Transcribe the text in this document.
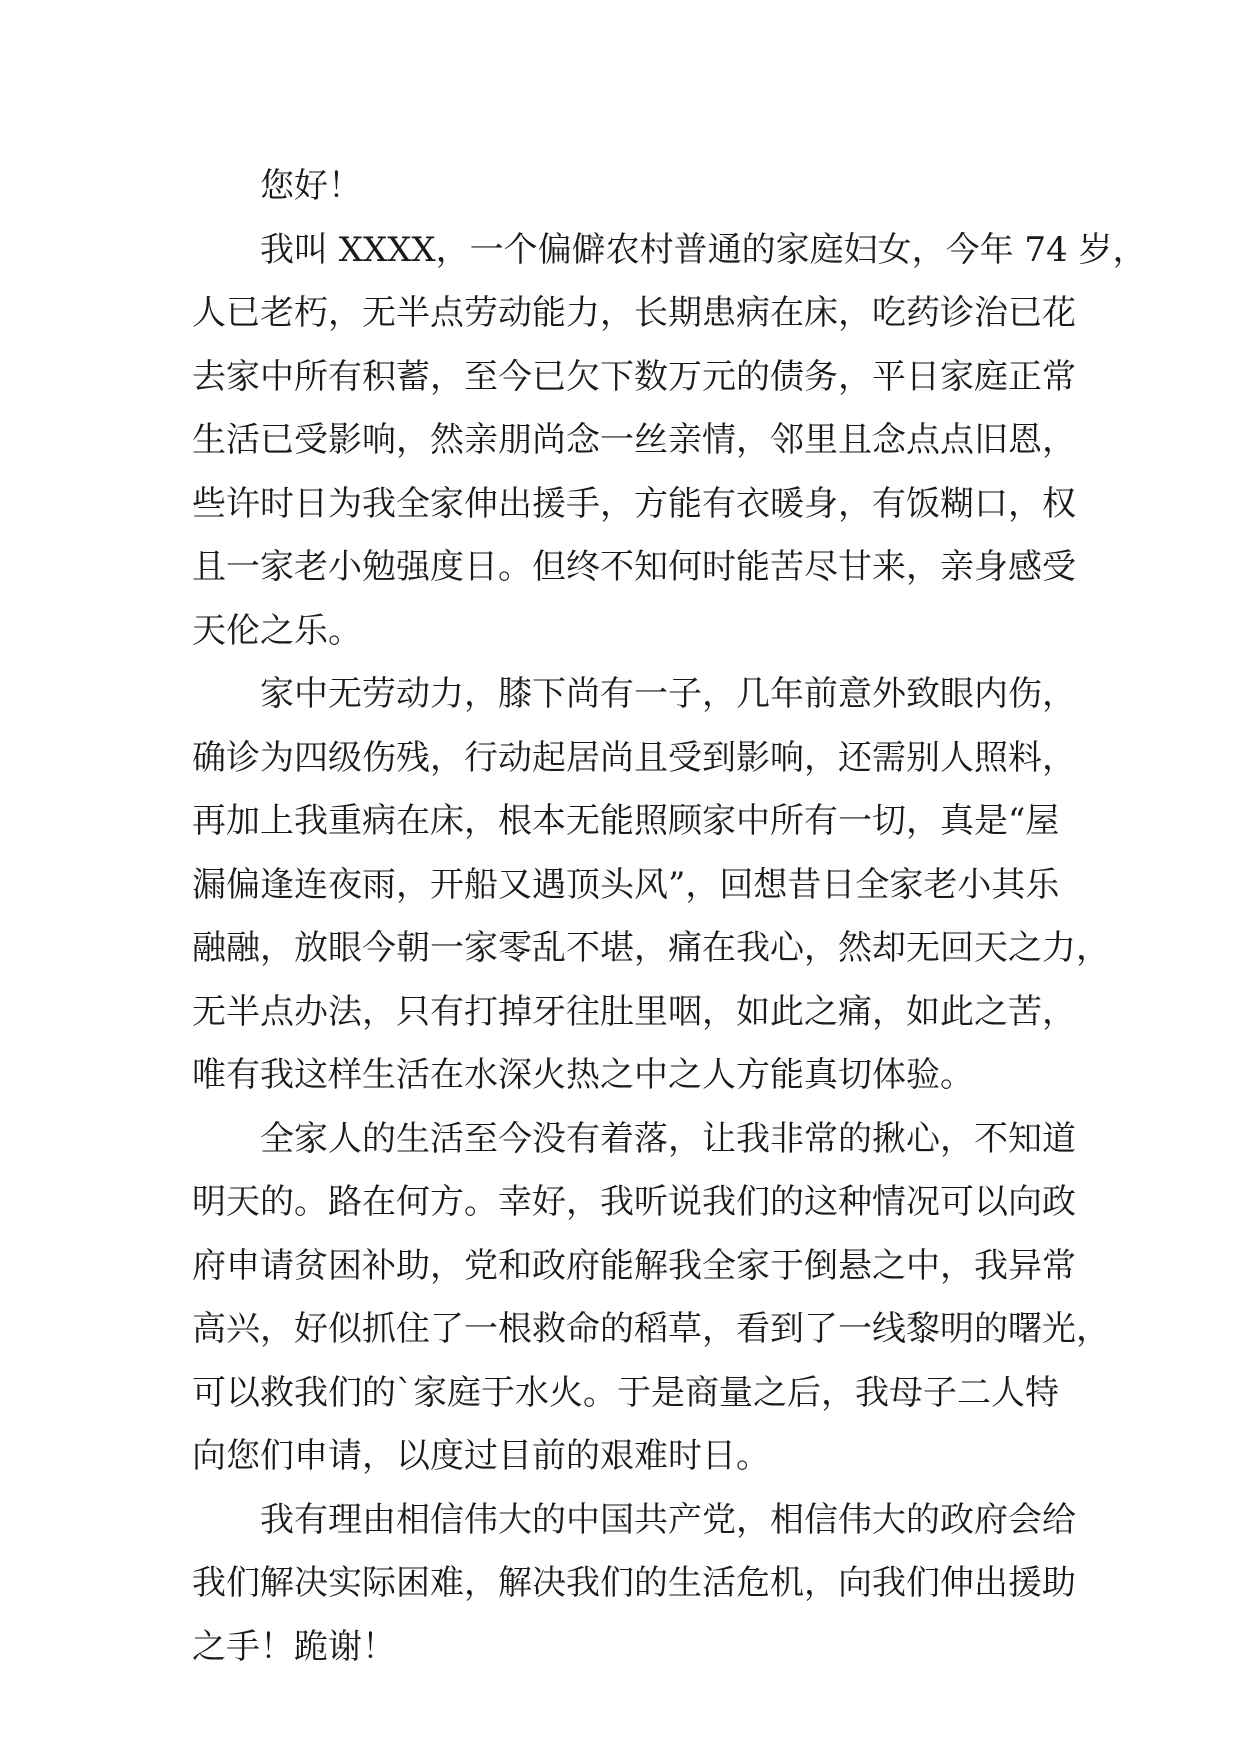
您好！

我叫 XXXX，一个偏僻农村普通的家庭妇女，今年 74 岁，
人已老朽，无半点劳动能力，长期患病在床，吃药诊治已花
去家中所有积蓄，至今已欠下数万元的债务，平日家庭正常
生活已受影响，然亲朋尚念一丝亲情，邻里且念点点旧恩，
些许时日为我全家伸出援手，方能有衣暖身，有饭糊口，权
且一家老小勉强度日。但终不知何时能苦尽甘来，亲身感受
天伦之乐。

家中无劳动力，膝下尚有一子，几年前意外致眼内伤，
确诊为四级伤残，行动起居尚且受到影响，还需别人照料，
再加上我重病在床，根本无能照顾家中所有一切，真是“屋
漏偏逢连夜雨，开船又遇顶头风”，回想昔日全家老小其乐
融融，放眼今朝一家零乱不堪，痛在我心，然却无回天之力，
无半点办法，只有打掉牙往肚里咽，如此之痛，如此之苦，
唯有我这样生活在水深火热之中之人方能真切体验。

全家人的生活至今没有着落，让我非常的揪心，不知道
明天的。路在何方。幸好，我听说我们的这种情况可以向政
府申请贫困补助，党和政府能解我全家于倒悬之中，我异常
高兴，好似抓住了一根救命的稻草，看到了一线黎明的曙光，
可以救我们的`家庭于水火。于是商量之后，我母子二人特
向您们申请，以度过目前的艰难时日。

我有理由相信伟大的中国共产党，相信伟大的政府会给
我们解决实际困难，解决我们的生活危机，向我们伸出援助
之手！跪谢！
